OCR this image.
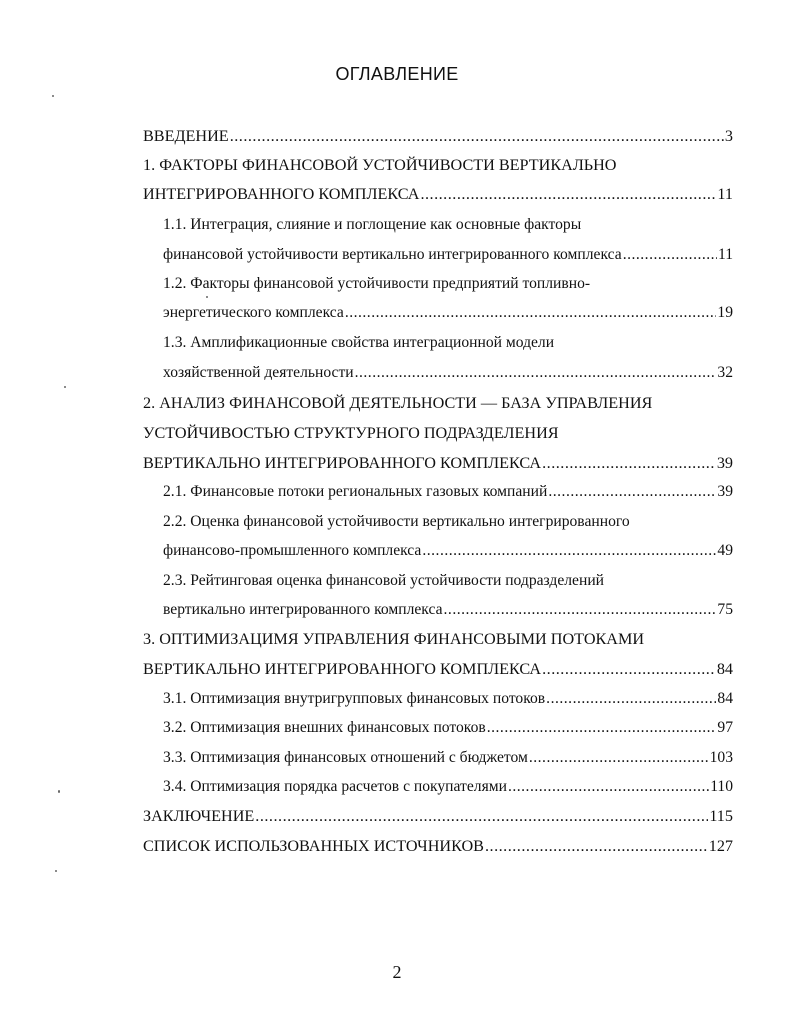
ОГЛАВЛЕНИЕ
ВВЕДЕНИЕ .....	3
1. ФАКТОРЫ ФИНАНСОВОЙ УСТОЙЧИВОСТИ ВЕРТИКАЛЬНО
ИНТЕГРИРОВАННОГО КОМПЛЕКСА .....	11
1.1. Интеграция, слияние и поглощение как основные факторы
финансовой устойчивости вертикально интегрированного комплекса .....	11
1.2. Факторы финансовой устойчивости предприятий топливно-
энергетического комплекса .....	19
1.3. Амплификационные свойства интеграционной модели
хозяйственной деятельности .....	32
2. АНАЛИЗ ФИНАНСОВОЙ ДЕЯТЕЛЬНОСТИ — БАЗА УПРАВЛЕНИЯ
УСТОЙЧИВОСТЬЮ СТРУКТУРНОГО ПОДРАЗДЕЛЕНИЯ
ВЕРТИКАЛЬНО ИНТЕГРИРОВАННОГО КОМПЛЕКСА .....	39
2.1. Финансовые потоки региональных газовых компаний .....	39
2.2. Оценка финансовой устойчивости вертикально интегрированного
финансово-промышленного комплекса .....	49
2.3. Рейтинговая оценка финансовой устойчивости подразделений
вертикально интегрированного комплекса .....	75
3. ОПТИМИЗАЦИМЯ УПРАВЛЕНИЯ ФИНАНСОВЫМИ ПОТОКАМИ
ВЕРТИКАЛЬНО ИНТЕГРИРОВАННОГО КОМПЛЕКСА .....	84
3.1. Оптимизация внутригрупповых финансовых потоков .....	84
3.2. Оптимизация внешних финансовых потоков .....	97
3.3. Оптимизация финансовых отношений с бюджетом .....	103
3.4. Оптимизация порядка расчетов с покупателями .....	110
ЗАКЛЮЧЕНИЕ .....	115
СПИСОК ИСПОЛЬЗОВАННЫХ ИСТОЧНИКОВ .....	127
2
